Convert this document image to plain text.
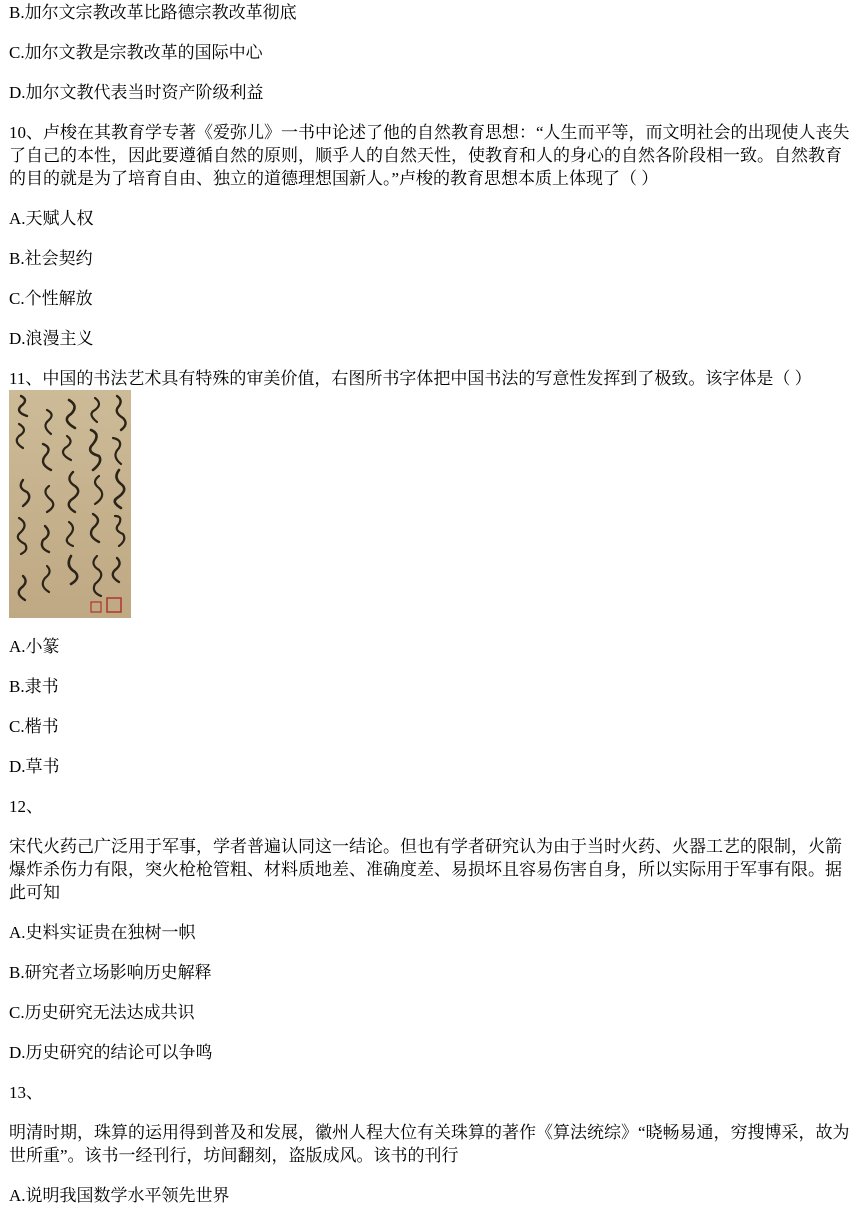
B.加尔文宗教改革比路德宗教改革彻底

C.加尔文教是宗教改革的国际中心

D.加尔文教代表当时资产阶级利益

10、卢梭在其教育学专著《爱弥儿》一书中论述了他的自然教育思想：“人生而平等，而文明社会的出现使人丧失了自己的本性，因此要遵循自然的原则，顺乎人的自然天性，使教育和人的身心的自然各阶段相一致。自然教育的目的就是为了培育自由、独立的道德理想国新人。”卢梭的教育思想本质上体现了（ ）

A.天赋人权

B.社会契约

C.个性解放

D.浪漫主义

11、中国的书法艺术具有特殊的审美价值，右图所书字体把中国书法的写意性发挥到了极致。该字体是（ ）

A.小篆

B.隶书

C.楷书

D.草书

12、

宋代火药己广泛用于军事，学者普遍认同这一结论。但也有学者研究认为由于当时火药、火器工艺的限制，火箭爆炸杀伤力有限，突火枪枪管粗、材料质地差、准确度差、易损坏且容易伤害自身，所以实际用于军事有限。据此可知

A.史料实证贵在独树一帜

B.研究者立场影响历史解释

C.历史研究无法达成共识

D.历史研究的结论可以争鸣

13、

明清时期，珠算的运用得到普及和发展，徽州人程大位有关珠算的著作《算法统综》“晓畅易通，穷搜博采，故为世所重”。该书一经刊行，坊间翻刻，盗版成风。该书的刊行

A.说明我国数学水平领先世界
